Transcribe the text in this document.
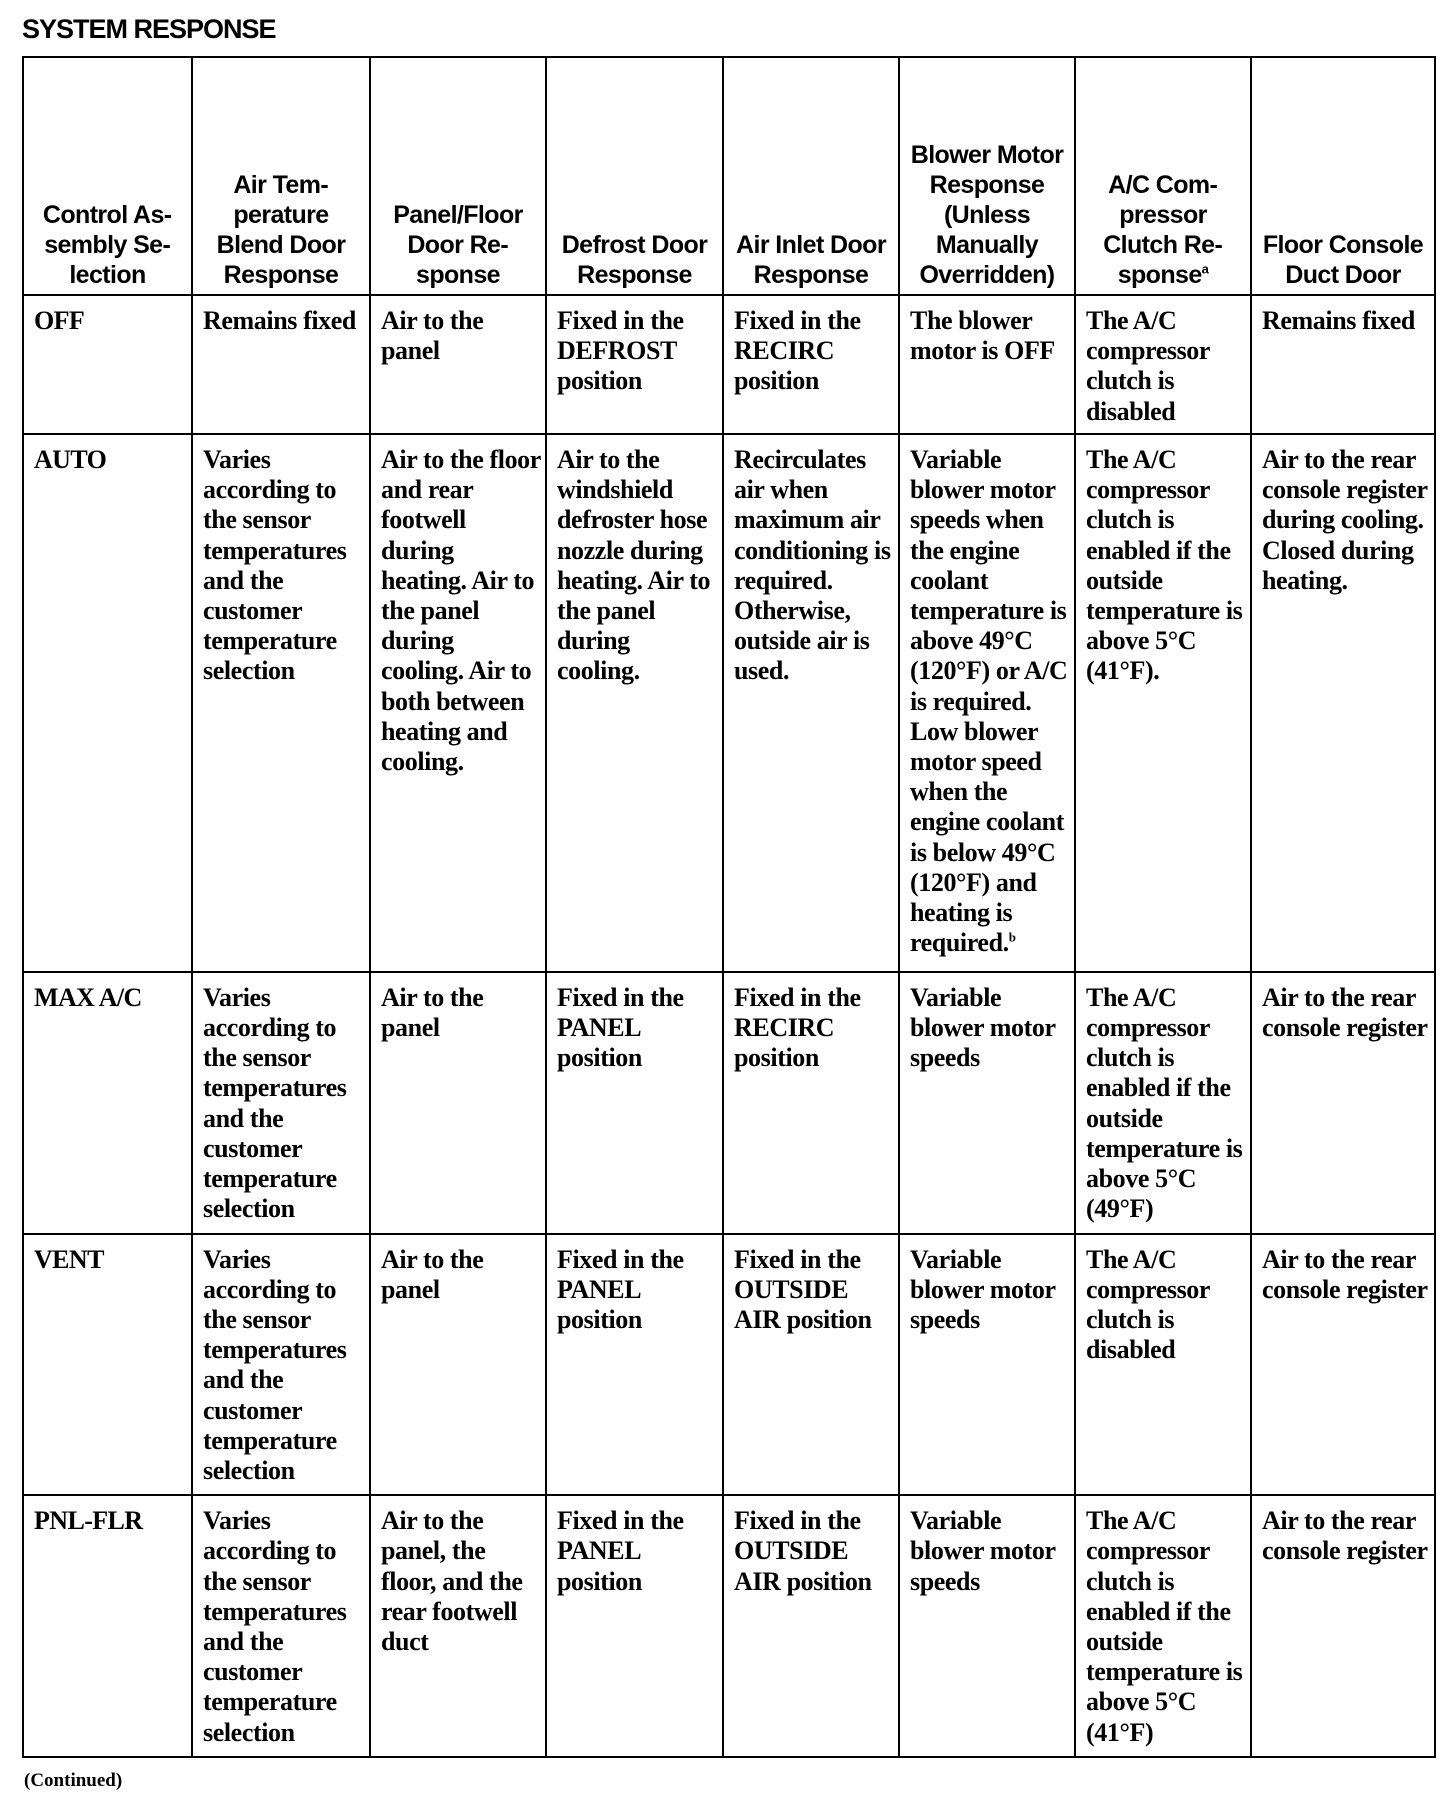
SYSTEM RESPONSE
Control Assembly Selection	Air Temperature Blend Door Response	Panel/Floor Door Response	Defrost Door Response	Air Inlet Door Response	Blower Motor Response (Unless Manually Overridden)	A/C Compressor Clutch Response$^a$	Floor Console Duct Door
OFF	Remains fixed	Air to the panel	Fixed in the DEFROST position	Fixed in the RECIRC position	The blower motor is OFF	The A/C compressor clutch is disabled	Remains fixed
AUTO	Varies according to the sensor temperatures and the customer temperature selection	Air to the floor and rear footwell during heating. Air to the panel during cooling. Air to both between heating and cooling.	Air to the windshield defroster hose nozzle during heating. Air to the panel during cooling.	Recirculates air when maximum air conditioning is required. Otherwise, outside air is used.	Variable blower motor speeds when the engine coolant temperature is above 49°C (120°F) or A/C is required. Low blower motor speed when the engine coolant is below 49°C (120°F) and heating is required.$^b$	The A/C compressor clutch is enabled if the outside temperature is above 5°C (41°F).	Air to the rear console register during cooling. Closed during heating.
MAX A/C	Varies according to the sensor temperatures and the customer temperature selection	Air to the panel	Fixed in the PANEL position	Fixed in the RECIRC position	Variable blower motor speeds	The A/C compressor clutch is enabled if the outside temperature is above 5°C (49°F)	Air to the rear console register
VENT	Varies according to the sensor temperatures and the customer temperature selection	Air to the panel	Fixed in the PANEL position	Fixed in the OUTSIDE AIR position	Variable blower motor speeds	The A/C compressor clutch is disabled	Air to the rear console register
PNL-FLR	Varies according to the sensor temperatures and the customer temperature selection	Air to the panel, the floor, and the rear footwell duct	Fixed in the PANEL position	Fixed in the OUTSIDE AIR position	Variable blower motor speeds	The A/C compressor clutch is enabled if the outside temperature is above 5°C (41°F)	Air to the rear console register
(Continued)
